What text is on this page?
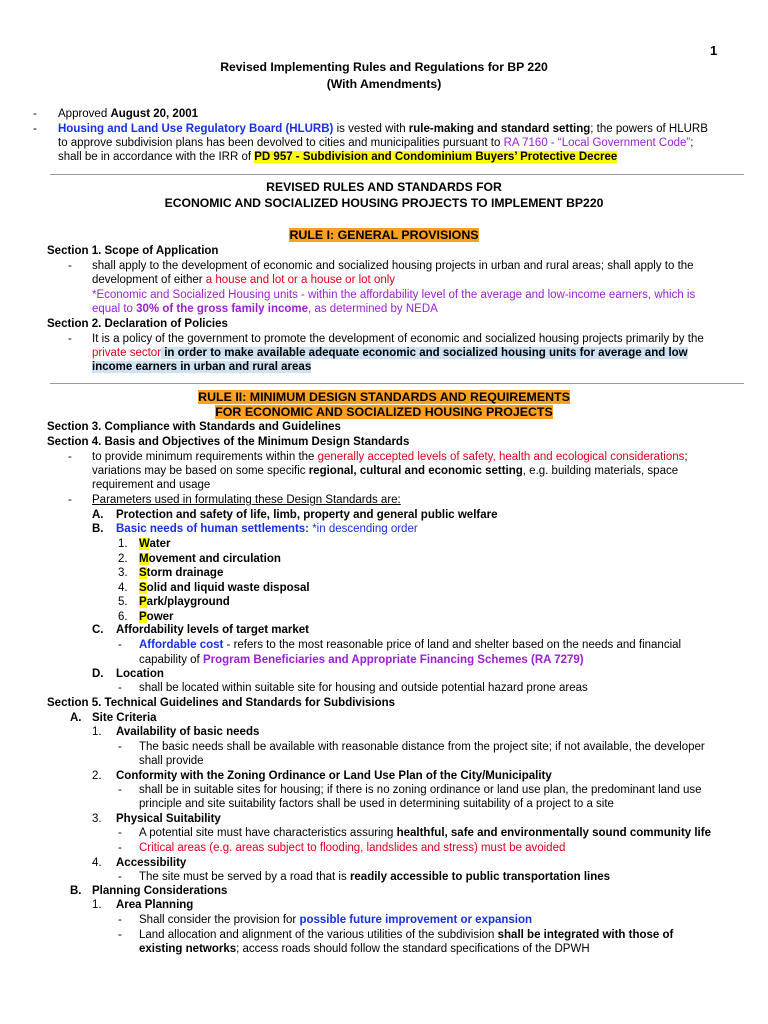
1
Revised Implementing Rules and Regulations for BP 220
(With Amendments)
- Approved August 20, 2001
- Housing and Land Use Regulatory Board (HLURB) is vested with rule-making and standard setting; the powers of HLURB
to approve subdivision plans has been devolved to cities and municipalities pursuant to RA 7160 - “Local Government Code”;
shall be in accordance with the IRR of PD 957 - Subdivision and Condominium Buyers’ Protective Decree
REVISED RULES AND STANDARDS FOR
ECONOMIC AND SOCIALIZED HOUSING PROJECTS TO IMPLEMENT BP220
RULE I: GENERAL PROVISIONS
Section 1. Scope of Application
- shall apply to the development of economic and socialized housing projects in urban and rural areas; shall apply to the
development of either a house and lot or a house or lot only
*Economic and Socialized Housing units - within the affordability level of the average and low-income earners, which is
equal to 30% of the gross family income, as determined by NEDA
Section 2. Declaration of Policies
- It is a policy of the government to promote the development of economic and socialized housing projects primarily by the
private sector in order to make available adequate economic and socialized housing units for average and low
income earners in urban and rural areas
RULE II: MINIMUM DESIGN STANDARDS AND REQUIREMENTS
FOR ECONOMIC AND SOCIALIZED HOUSING PROJECTS
Section 3. Compliance with Standards and Guidelines
Section 4. Basis and Objectives of the Minimum Design Standards
- to provide minimum requirements within the generally accepted levels of safety, health and ecological considerations;
variations may be based on some specific regional, cultural and economic setting, e.g. building materials, space
requirement and usage
- Parameters used in formulating these Design Standards are:
A. Protection and safety of life, limb, property and general public welfare
B. Basic needs of human settlements: *in descending order
1. Water
2. Movement and circulation
3. Storm drainage
4. Solid and liquid waste disposal
5. Park/playground
6. Power
C. Affordability levels of target market
- Affordable cost - refers to the most reasonable price of land and shelter based on the needs and financial
capability of Program Beneficiaries and Appropriate Financing Schemes (RA 7279)
D. Location
- shall be located within suitable site for housing and outside potential hazard prone areas
Section 5. Technical Guidelines and Standards for Subdivisions
A. Site Criteria
1. Availability of basic needs
- The basic needs shall be available with reasonable distance from the project site; if not available, the developer
shall provide
2. Conformity with the Zoning Ordinance or Land Use Plan of the City/Municipality
- shall be in suitable sites for housing; if there is no zoning ordinance or land use plan, the predominant land use
principle and site suitability factors shall be used in determining suitability of a project to a site
3. Physical Suitability
- A potential site must have characteristics assuring healthful, safe and environmentally sound community life
- Critical areas (e.g. areas subject to flooding, landslides and stress) must be avoided
4. Accessibility
- The site must be served by a road that is readily accessible to public transportation lines
B. Planning Considerations
1. Area Planning
- Shall consider the provision for possible future improvement or expansion
- Land allocation and alignment of the various utilities of the subdivision shall be integrated with those of
existing networks; access roads should follow the standard specifications of the DPWH
